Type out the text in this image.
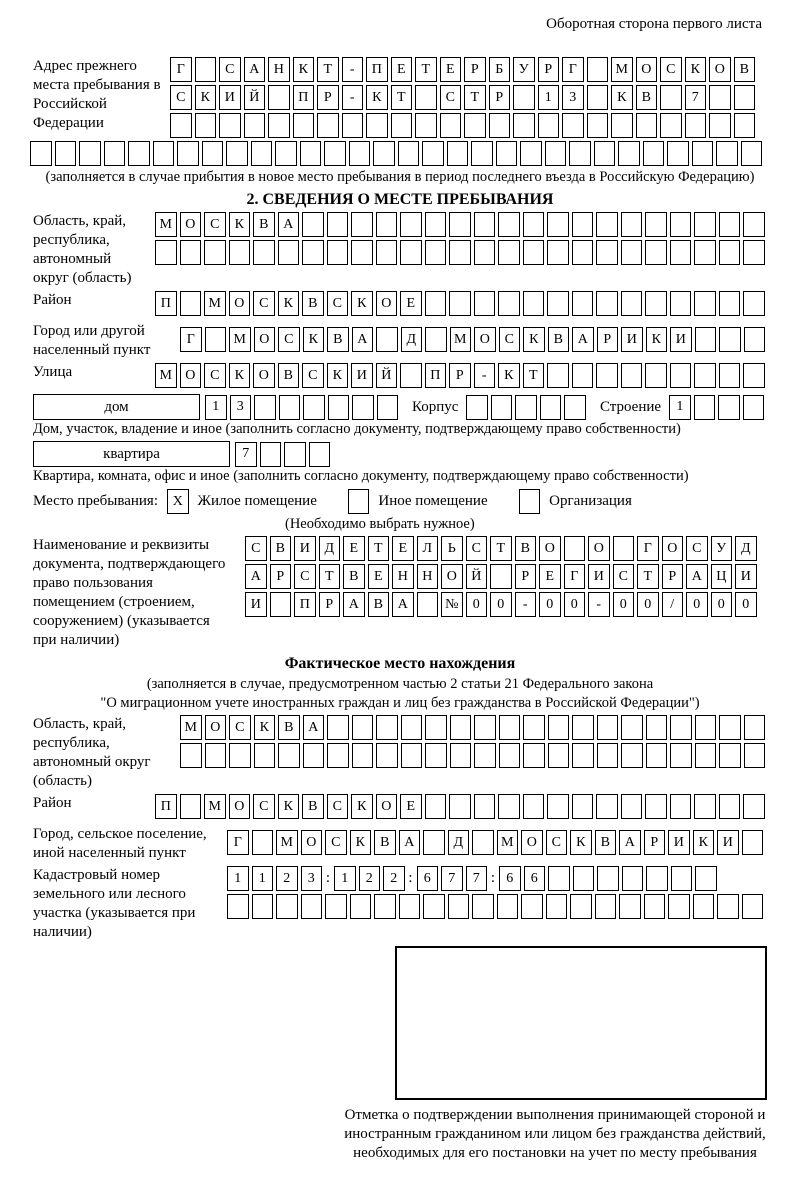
Оборотная сторона первого листа
Адрес прежнего места пребывания в Российской Федерации
Г	С	А	Н	К	Т	-	П	Е	Т	Е	Р	Б	У	Р	Г	М О	С	К	О	В
С	К	И	Й	П	Р	-	К	Т	С	Т	Р	1	3	К	В	7
(заполняется в случае прибытия в новое место пребывания в период последнего въезда в Российскую Федерацию)
2. СВЕДЕНИЯ О МЕСТЕ ПРЕБЫВАНИЯ
Область, край, республика, автономный округ (область)
М О	С	К	В	А
Район	П	М О	С	К	В	С	К	О	Е
Город или другой населенный пункт
Г	М О	С	К	В	А	Д	М О	С	К	В	А	Р	И	К	И
Улица	М О	С	К	О	В	С	К	И	Й	П	Р	-	К	Т
дом	1	3	Корпус	Строение	1
Дом, участок, владение и иное (заполнить согласно документу, подтверждающему право собственности)
квартира	7
Квартира, комната, офис и иное (заполнить согласно документу, подтверждающему право собственности)
Место пребывания:	X Жилое помещение	Иное помещение	Организация
(Необходимо выбрать нужное)
Наименование и реквизиты документа, подтверждающего право пользования помещением (строением, сооружением) (указывается при наличии)
С	В	И	Д	Е	Т	Е	Л	Ь	С	Т	В	О	О	Г	О	С	У	Д
А	Р	С	Т	В	Е	Н	Н	О	Й	Р	Е	Г	И	С	Т	Р	А	Ц	И
И	П	Р	А	В	А	№	0	0	-	0	0	-	0	0	/	0	0	0
Фактическое место нахождения
(заполняется в случае, предусмотренном частью 2 статьи 21 Федерального закона
"О миграционном учете иностранных граждан и лиц без гражданства в Российской Федерации")
Область, край, республика, автономный округ (область)
М О	С	К	В	А
Район	П	М О	С	К	В	С	К	О	Е
Город, сельское поселение, иной населенный пункт
Г	М О	С	К	В	А	Д	М О	С	К	В	А	Р	И	К	И
Кадастровый номер земельного или лесного участка (указывается при наличии)
1	1	2	3 : 1	2	2 : 6	7	7 : 6	6
Отметка о подтверждении выполнения принимающей стороной и иностранным гражданином или лицом без гражданства действий, необходимых для его постановки на учет по месту пребывания
